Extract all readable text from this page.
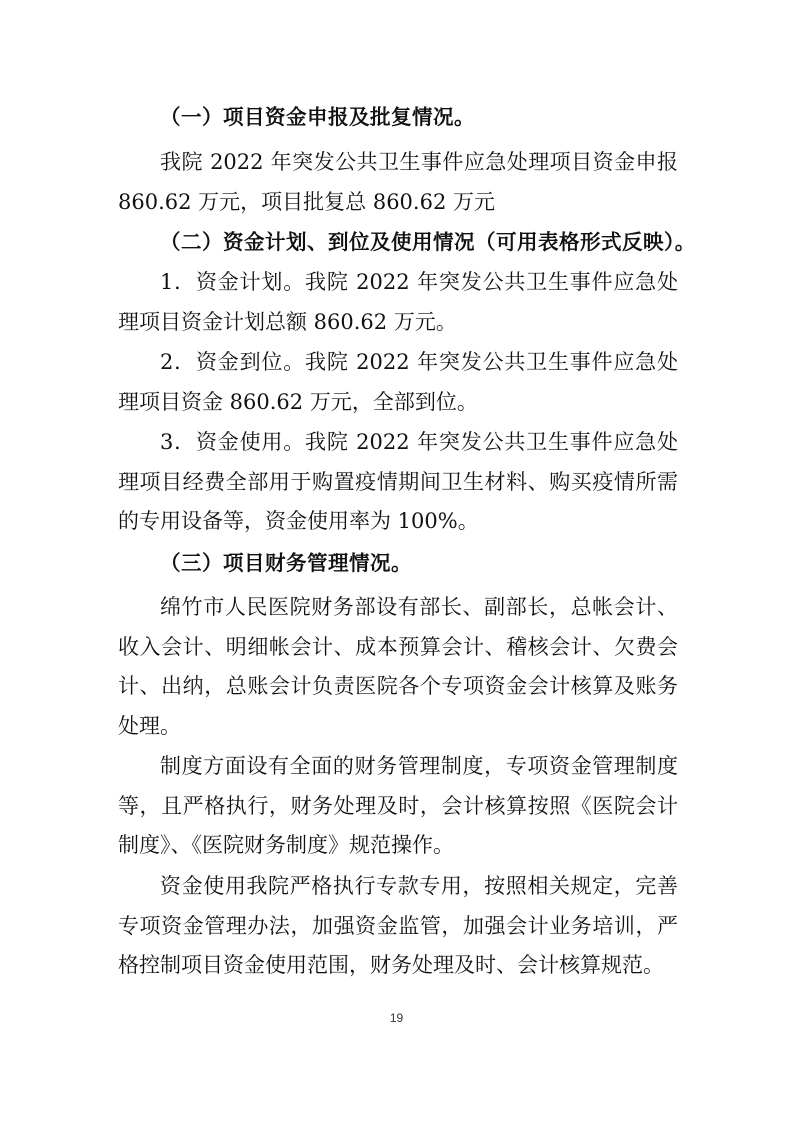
（一）项目资金申报及批复情况。
我院 2022 年突发公共卫生事件应急处理项目资金申报 860.62 万元，项目批复总 860.62 万元
（二）资金计划、到位及使用情况（可用表格形式反映）。
1．资金计划。我院 2022 年突发公共卫生事件应急处理项目资金计划总额 860.62 万元。
2．资金到位。我院 2022 年突发公共卫生事件应急处理项目资金 860.62 万元，全部到位。
3．资金使用。我院 2022 年突发公共卫生事件应急处理项目经费全部用于购置疫情期间卫生材料、购买疫情所需的专用设备等，资金使用率为 100%。
（三）项目财务管理情况。
绵竹市人民医院财务部设有部长、副部长，总帐会计、收入会计、明细帐会计、成本预算会计、稽核会计、欠费会计、出纳，总账会计负责医院各个专项资金会计核算及账务处理。
制度方面设有全面的财务管理制度，专项资金管理制度等，且严格执行，财务处理及时，会计核算按照《医院会计制度》、《医院财务制度》规范操作。
资金使用我院严格执行专款专用，按照相关规定，完善专项资金管理办法，加强资金监管，加强会计业务培训，严格控制项目资金使用范围，财务处理及时、会计核算规范。
19
